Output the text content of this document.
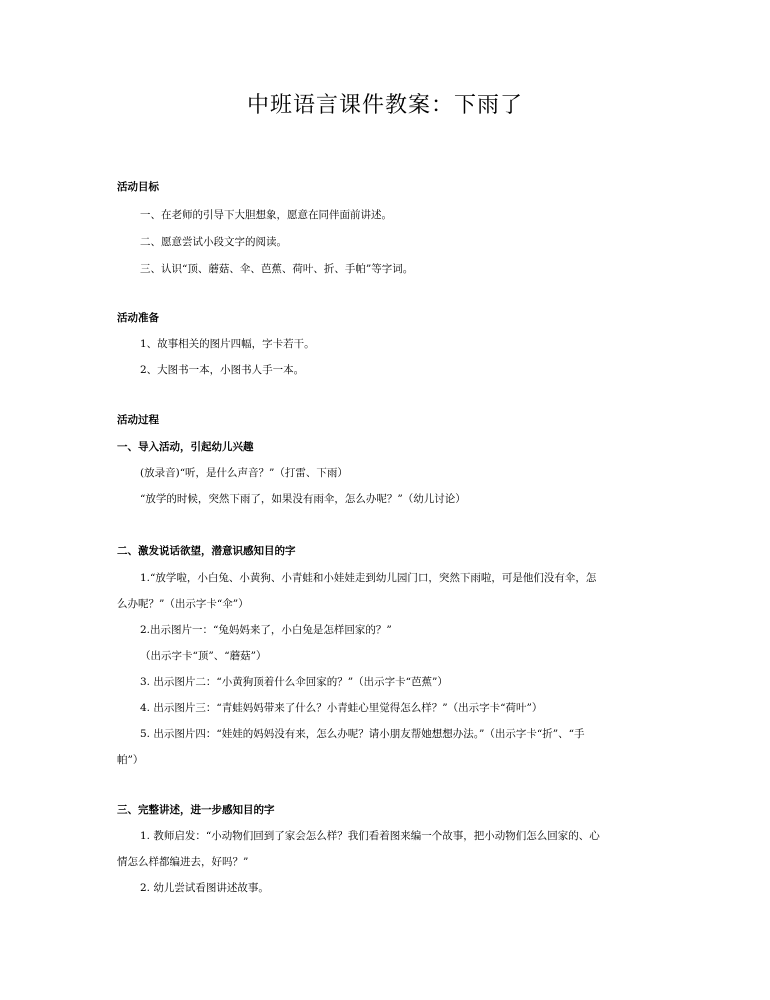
中班语言课件教案：下雨了
活动目标
一、在老师的引导下大胆想象，愿意在同伴面前讲述。
二、愿意尝试小段文字的阅读。
三、认识“顶、蘑菇、伞、芭蕉、荷叶、折、手帕”等字词。
活动准备
1、故事相关的图片四幅，字卡若干。
2、大图书一本，小图书人手一本。
活动过程
一、导入活动，引起幼儿兴趣
(放录音)“听，是什么声音？”（打雷、下雨）
“放学的时候，突然下雨了，如果没有雨伞，怎么办呢？”（幼儿讨论）
二、激发说话欲望，潜意识感知目的字
1.“放学啦，小白兔、小黄狗、小青蛙和小娃娃走到幼儿园门口，突然下雨啦，可是他们没有伞，怎
么办呢？”（出示字卡“伞”）
2.出示图片一：“兔妈妈来了，小白兔是怎样回家的？”
（出示字卡“顶”、“蘑菇”）
3. 出示图片二：“小黄狗顶着什么伞回家的？”（出示字卡“芭蕉”）
4. 出示图片三：“青蛙妈妈带来了什么？小青蛙心里觉得怎么样？”（出示字卡“荷叶”）
5. 出示图片四：“娃娃的妈妈没有来，怎么办呢？请小朋友帮她想想办法。”（出示字卡“折”、“手
帕”）
三、完整讲述，进一步感知目的字
1. 教师启发：“小动物们回到了家会怎么样？我们看着图来编一个故事，把小动物们怎么回家的、心
情怎么样都编进去，好吗？”
2. 幼儿尝试看图讲述故事。
